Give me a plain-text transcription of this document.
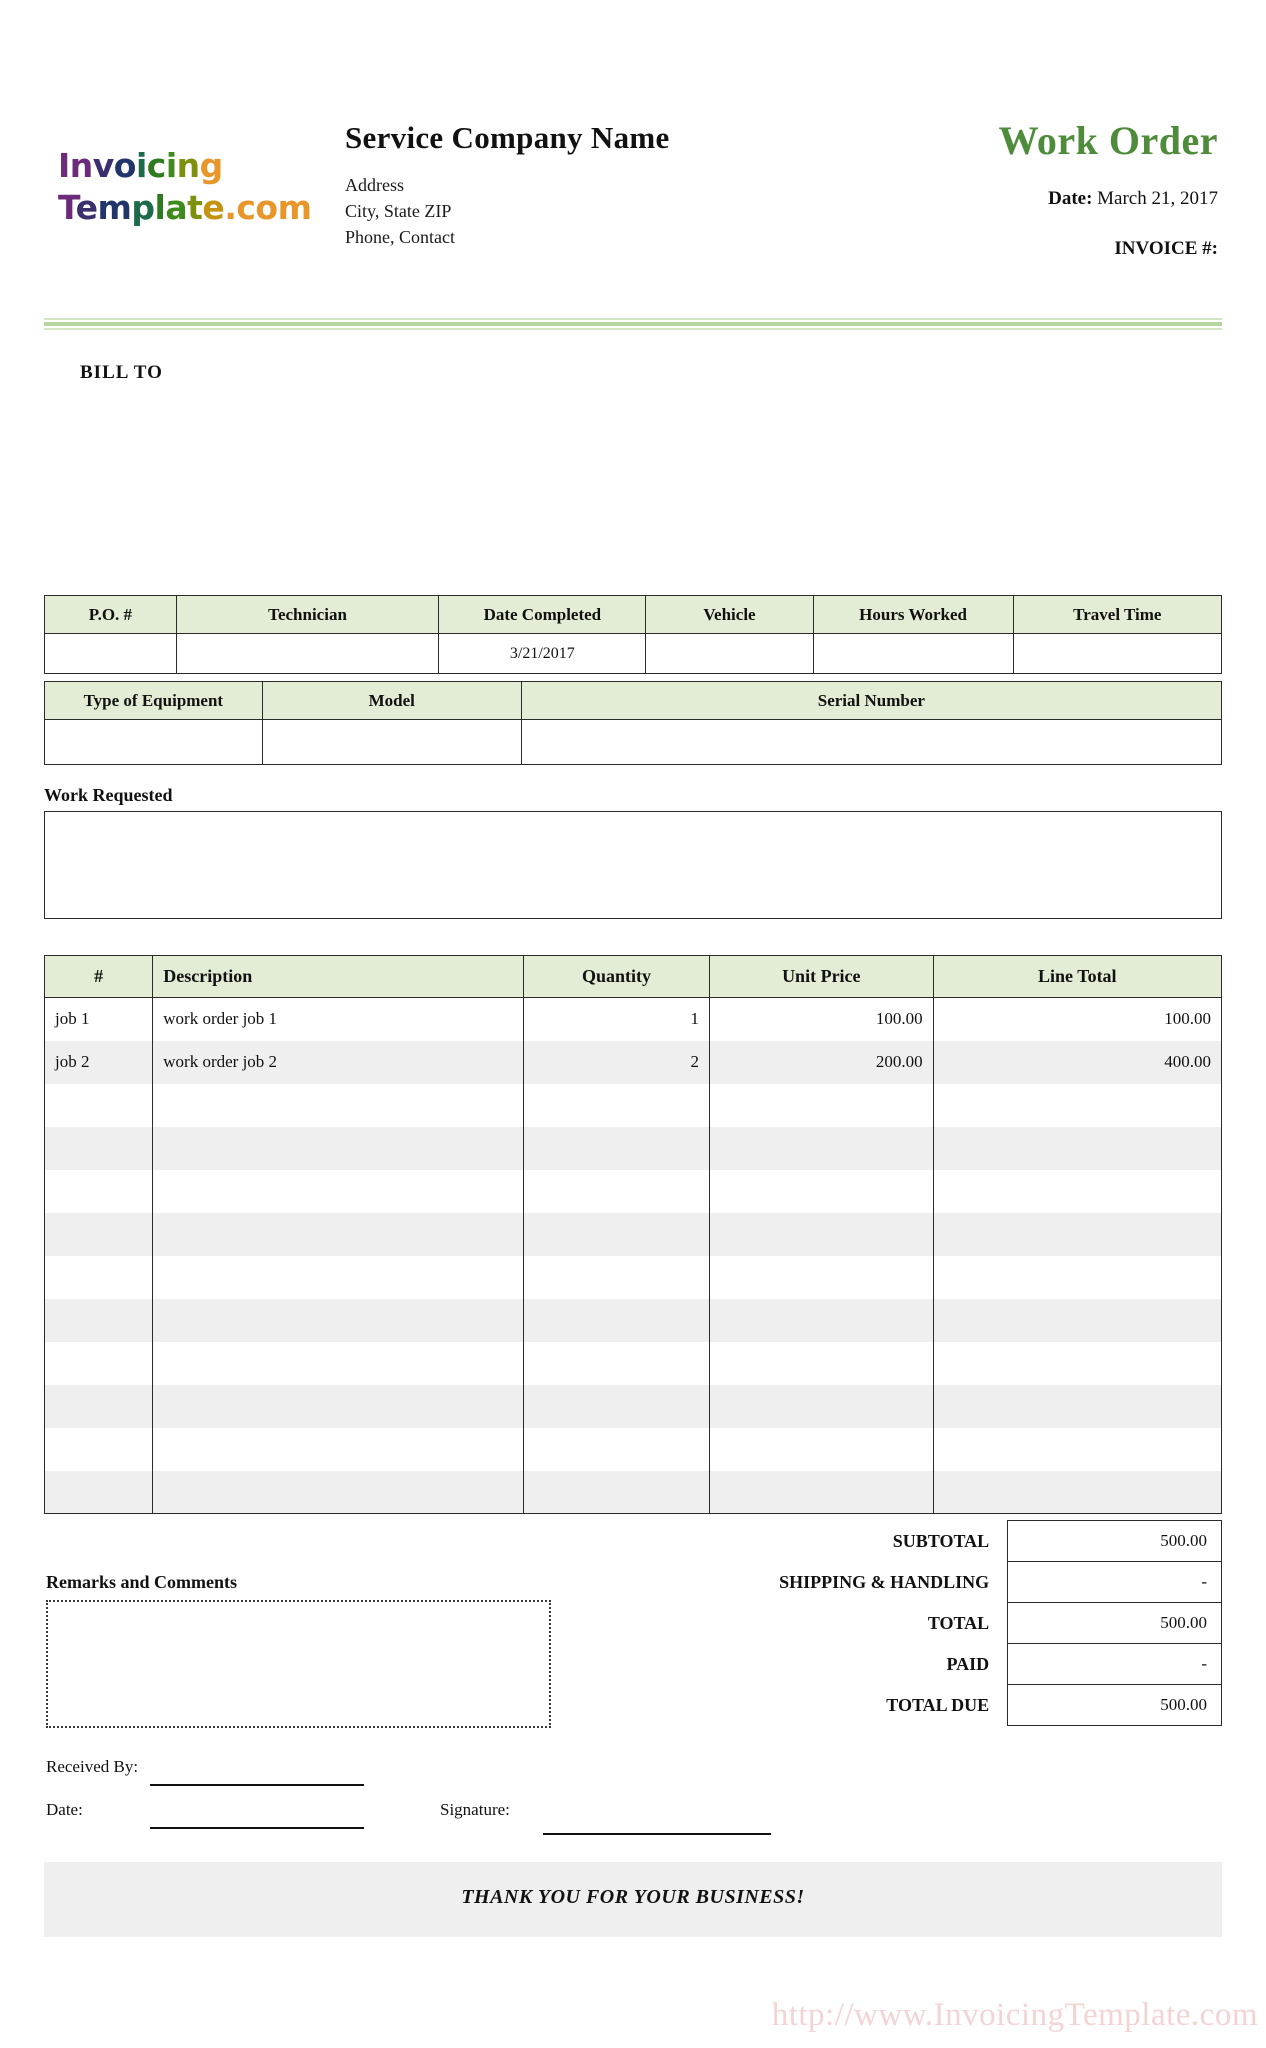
Invoicing
Template.com
Service Company Name
Address
City, State ZIP
Phone, Contact
Work Order
Date: March 21, 2017
INVOICE #:
BILL TO
P.O. #	Technician	Date Completed	Vehicle	Hours Worked	Travel Time
		3/21/2017			
Type of Equipment	Model	Serial Number

Work Requested
#	Description	Quantity	Unit Price	Line Total
job 1	work order job 1	1	100.00	100.00
job 2	work order job 2	2	200.00	400.00

SUBTOTAL	500.00
SHIPPING & HANDLING	-
TOTAL	500.00
PAID	-
TOTAL DUE	500.00
Remarks and Comments
Received By:
Date:	Signature:
THANK YOU FOR YOUR BUSINESS!
http://www.InvoicingTemplate.com
